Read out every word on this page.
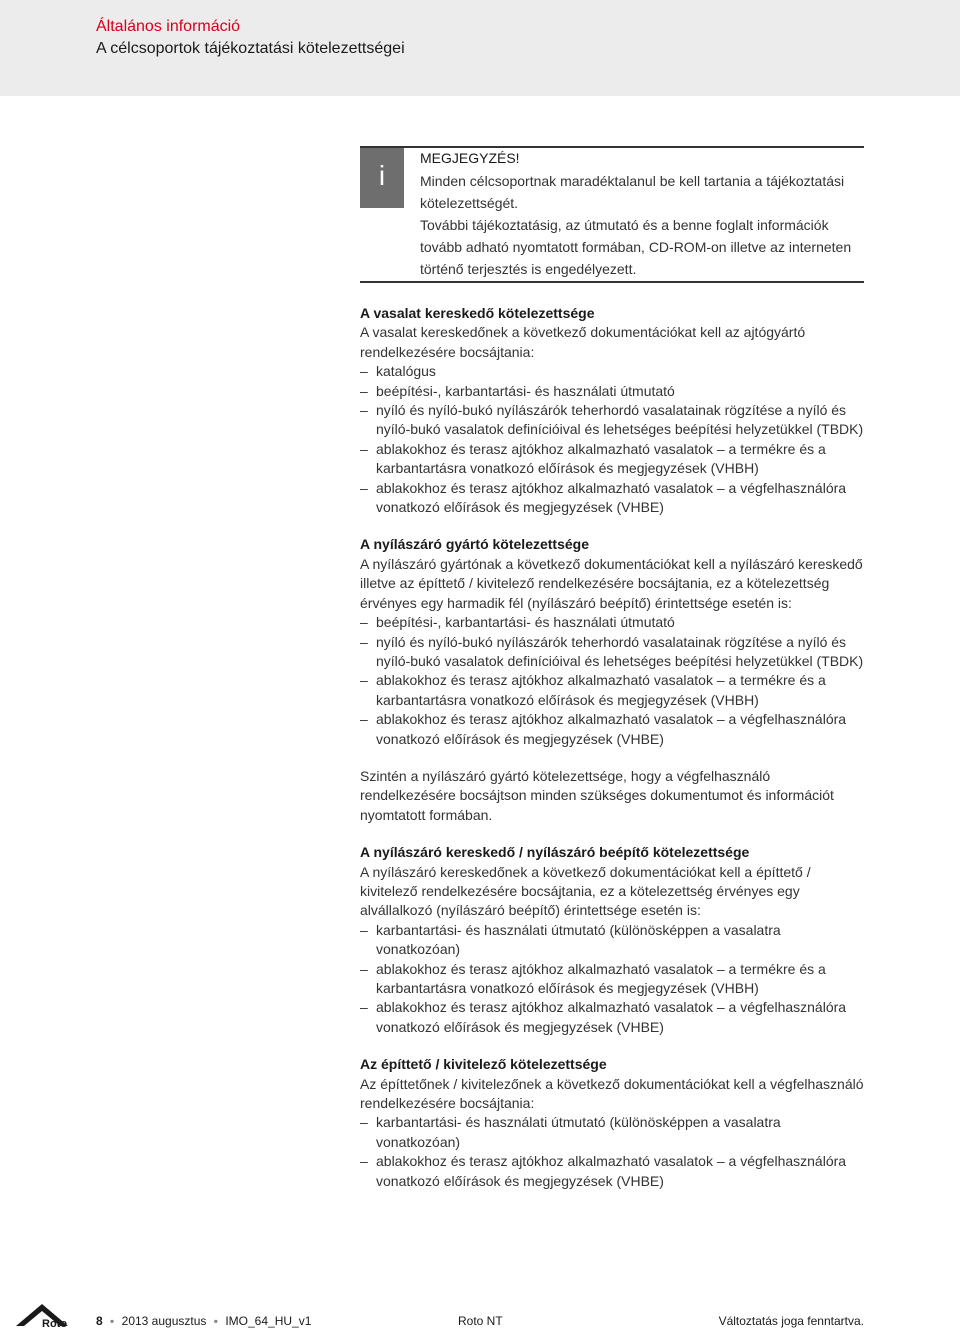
Általános információ
A célcsoportok tájékoztatási kötelezettségei
i
MEGJEGYZÉS!
Minden célcsoportnak maradéktalanul be kell tartania a tájékoztatási kötelezettségét.
További tájékoztatásig, az útmutató és a benne foglalt információk tovább adható nyomtatott formában, CD-ROM-on illetve az interneten történő terjesztés is engedélyezett.
A vasalat kereskedő kötelezettsége

A vasalat kereskedőnek a következő dokumentációkat kell az ajtógyártó rendelkezésére bocsájtania:

– katalógus
– beépítési-, karbantartási- és használati útmutató
– nyíló és nyíló-bukó nyílászárók teherhordó vasalatainak rögzítése a nyíló és nyíló-bukó vasalatok definícióival és lehetséges beépítési helyzetükkel (TBDK)
– ablakokhoz és terasz ajtókhoz alkalmazható vasalatok – a termékre és a karbantartásra vonatkozó előírások és megjegyzések (VHBH)
– ablakokhoz és terasz ajtókhoz alkalmazható vasalatok – a végfelhasználóra vonatkozó előírások és megjegyzések (VHBE)
A nyílászáró gyártó kötelezettsége

A nyílászáró gyártónak a következő dokumentációkat kell a nyílászáró kereskedő illetve az építtető / kivitelező rendelkezésére bocsájtania, ez a kötelezettség érvényes egy harmadik fél (nyílászáró beépítő) érintettsége esetén is:

– beépítési-, karbantartási- és használati útmutató
– nyíló és nyíló-bukó nyílászárók teherhordó vasalatainak rögzítése a nyíló és nyíló-bukó vasalatok definícióival és lehetséges beépítési helyzetükkel (TBDK)
– ablakokhoz és terasz ajtókhoz alkalmazható vasalatok – a termékre és a karbantartásra vonatkozó előírások és megjegyzések (VHBH)
– ablakokhoz és terasz ajtókhoz alkalmazható vasalatok – a végfelhasználóra vonatkozó előírások és megjegyzések (VHBE)

Szintén a nyílászáró gyártó kötelezettsége, hogy a végfelhasználó rendelkezésére bocsájtson minden szükséges dokumentumot és információt nyomtatott formában.

A nyílászáró kereskedő / nyílászáró beépítő kötelezettsége

A nyílászáró kereskedőnek a következő dokumentációkat kell a építtető / kivitelező rendelkezésére bocsájtania, ez a kötelezettség érvényes egy alvállalkozó (nyílászáró beépítő) érintettsége esetén is:

– karbantartási- és használati útmutató (különösképpen a vasalatra vonatkozóan)
– ablakokhoz és terasz ajtókhoz alkalmazható vasalatok – a termékre és a karbantartásra vonatkozó előírások és megjegyzések (VHBH)
– ablakokhoz és terasz ajtókhoz alkalmazható vasalatok – a végfelhasználóra vonatkozó előírások és megjegyzések (VHBE)
Az építtető / kivitelező kötelezettsége

Az építtetőnek / kivitelezőnek a következő dokumentációkat kell a végfelhasználó rendelkezésére bocsájtania:

– karbantartási- és használati útmutató (különösképpen a vasalatra vonatkozóan)
– ablakokhoz és terasz ajtókhoz alkalmazható vasalatok – a végfelhasználóra vonatkozó előírások és megjegyzések (VHBE)
Roto 8 ▪ 2013 augusztus ▪ IMO_64_HU_v1	Roto NT	Változtatás joga fenntartva.
